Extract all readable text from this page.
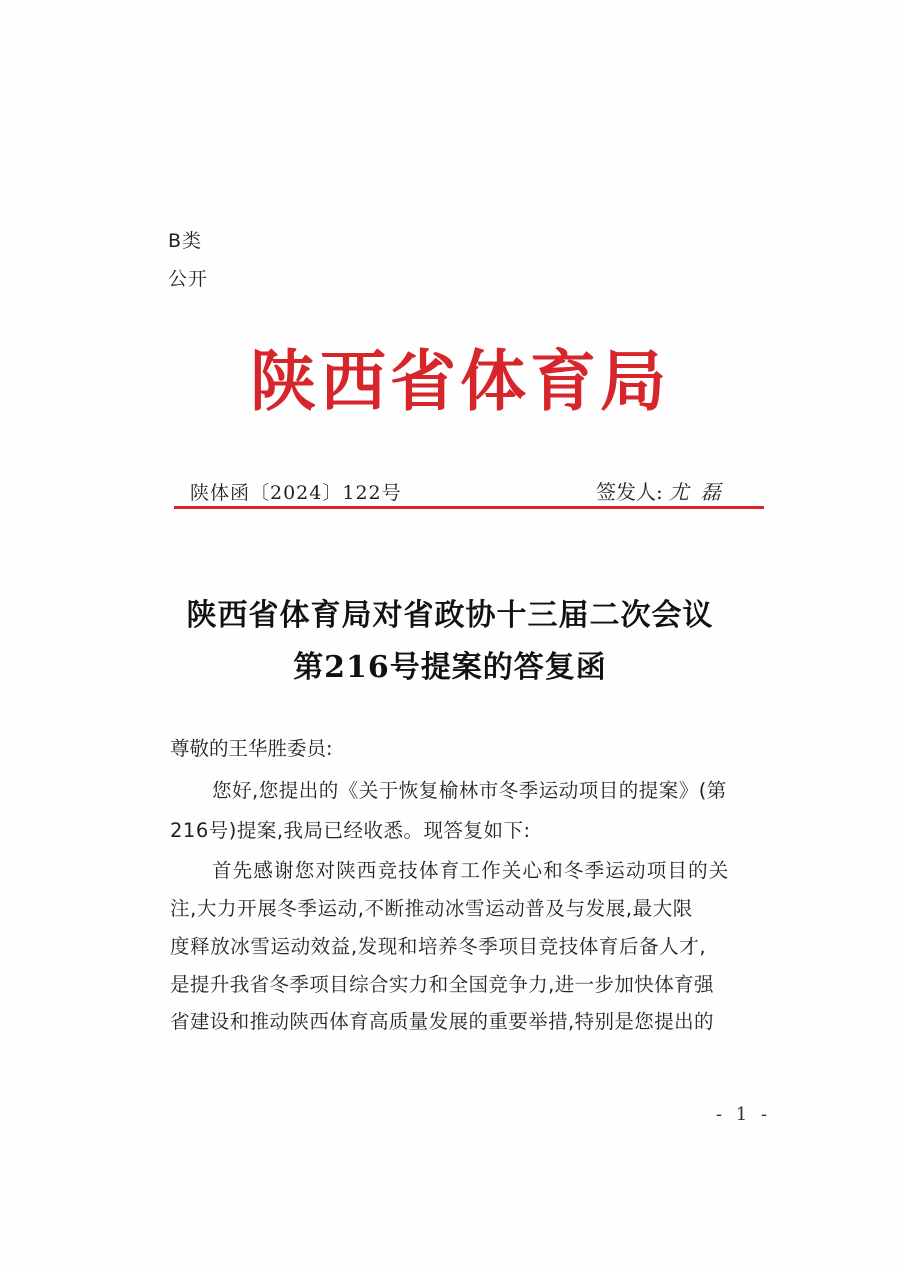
B类
公开
陕西省体育局
陕体函〔2024〕122号	签发人: 尤磊
陕西省体育局对省政协十三届二次会议
第216号提案的答复函
尊敬的王华胜委员:
您好,您提出的《关于恢复榆林市冬季运动项目的提案》(第
216号)提案,我局已经收悉。现答复如下:
首先感谢您对陕西竞技体育工作关心和冬季运动项目的关
注,大力开展冬季运动,不断推动冰雪运动普及与发展,最大限
度释放冰雪运动效益,发现和培养冬季项目竞技体育后备人才,
是提升我省冬季项目综合实力和全国竞争力,进一步加快体育强
省建设和推动陕西体育高质量发展的重要举措,特别是您提出的
- 1 -
